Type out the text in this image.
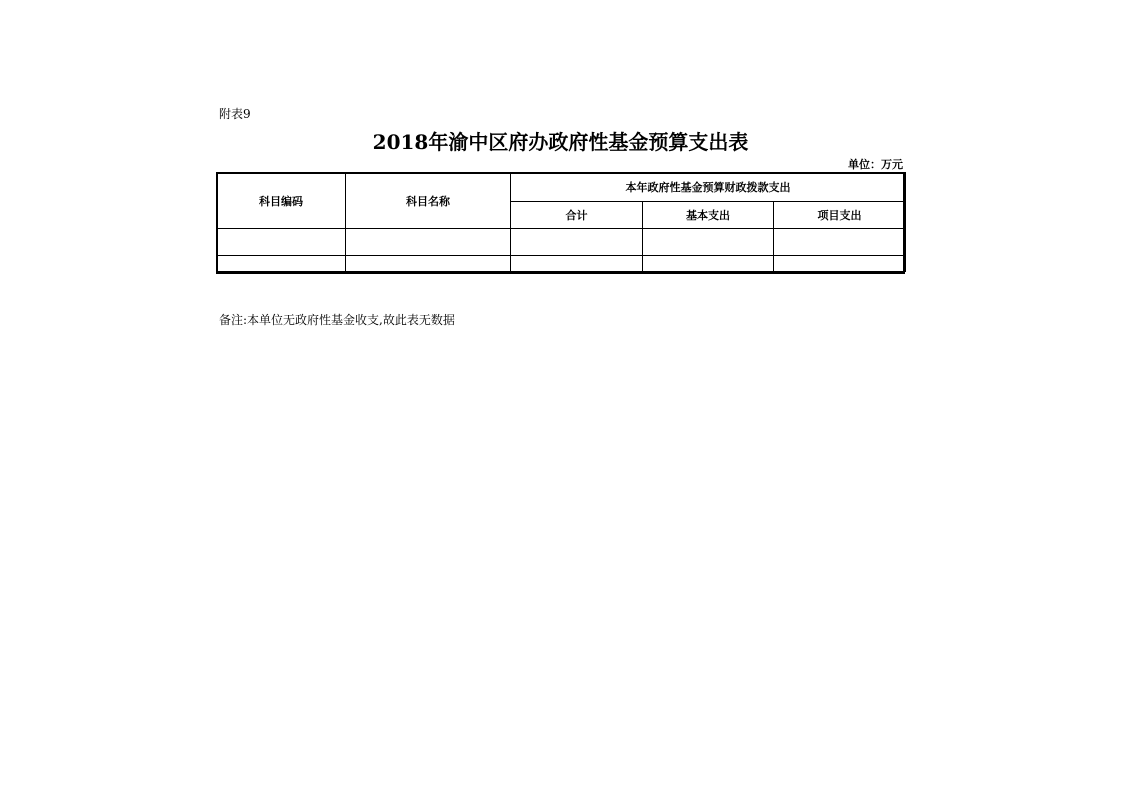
附表9
2018年渝中区府办政府性基金预算支出表
单位：万元
科目编码	科目名称	本年政府性基金预算财政拨款支出		
		合计	基本支出	项目支出

备注:本单位无政府性基金收支,故此表无数据
